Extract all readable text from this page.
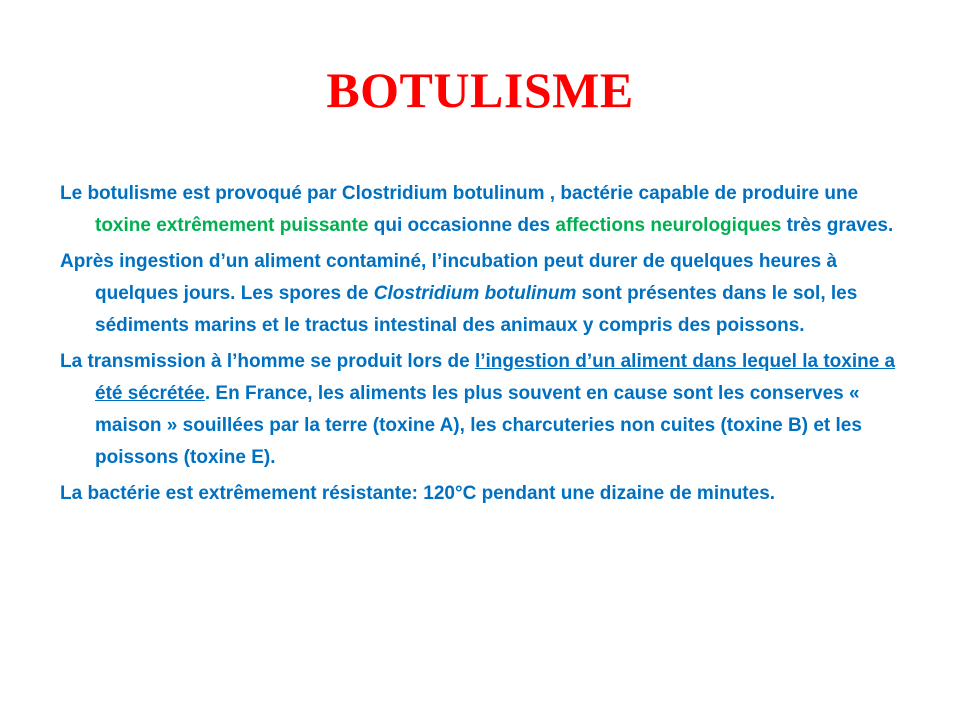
BOTULISME

Le botulisme est provoqué par Clostridium botulinum , bactérie capable de produire une toxine extrêmement puissante qui occasionne des affections neurologiques très graves.

Après ingestion d’un aliment contaminé, l’incubation peut durer de quelques heures à quelques jours. Les spores de Clostridium botulinum sont présentes dans le sol, les sédiments marins et le tractus intestinal des animaux y compris des poissons.

La transmission à l’homme se produit lors de l’ingestion d’un aliment dans lequel la toxine a été sécrétée. En France, les aliments les plus souvent en cause sont les conserves « maison » souillées par la terre (toxine A), les charcuteries non cuites (toxine B) et les poissons (toxine E).

La bactérie est extrêmement résistante: 120°C pendant une dizaine de minutes.
